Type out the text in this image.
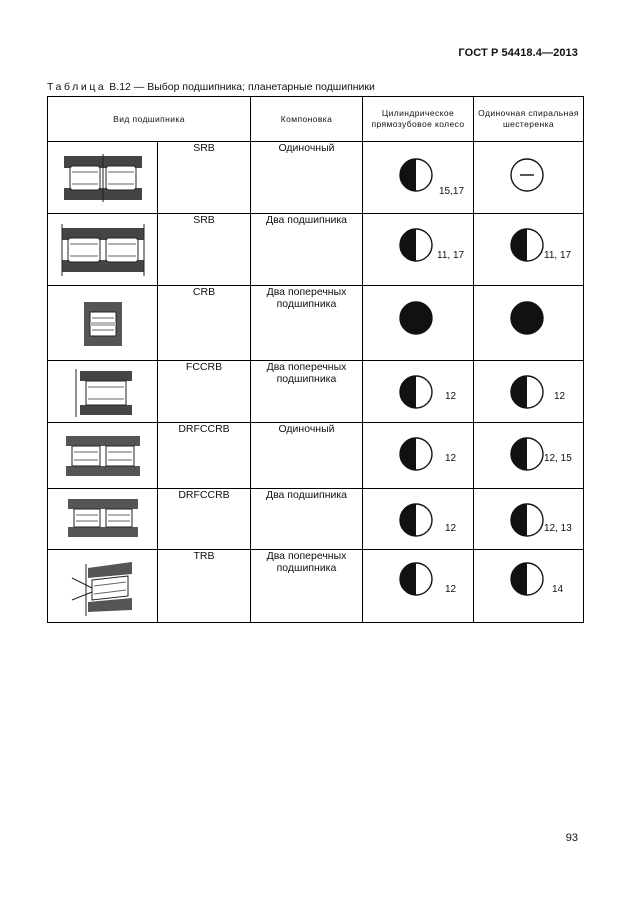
ГОСТ Р 54418.4—2013
Таблица В.12 — Выбор подшипника; планетарные подшипники
Вид подшипника		Компоновка	Цилиндрическое прямозубовое колесо	Одиночная спиральная шестеренка

	SRB	Одиночный	15,17

	SRB	Два подшипника	11, 17	11, 17

	CRB	Два поперечных подшипника	

	FCCRB	Два поперечных подшипника	12	12

	DRFCCRB	Одиночный	12	12, 15

	DRFCCRB	Два подшипника	12	12, 13

	TRB	Два поперечных подшипника	12	14
93
